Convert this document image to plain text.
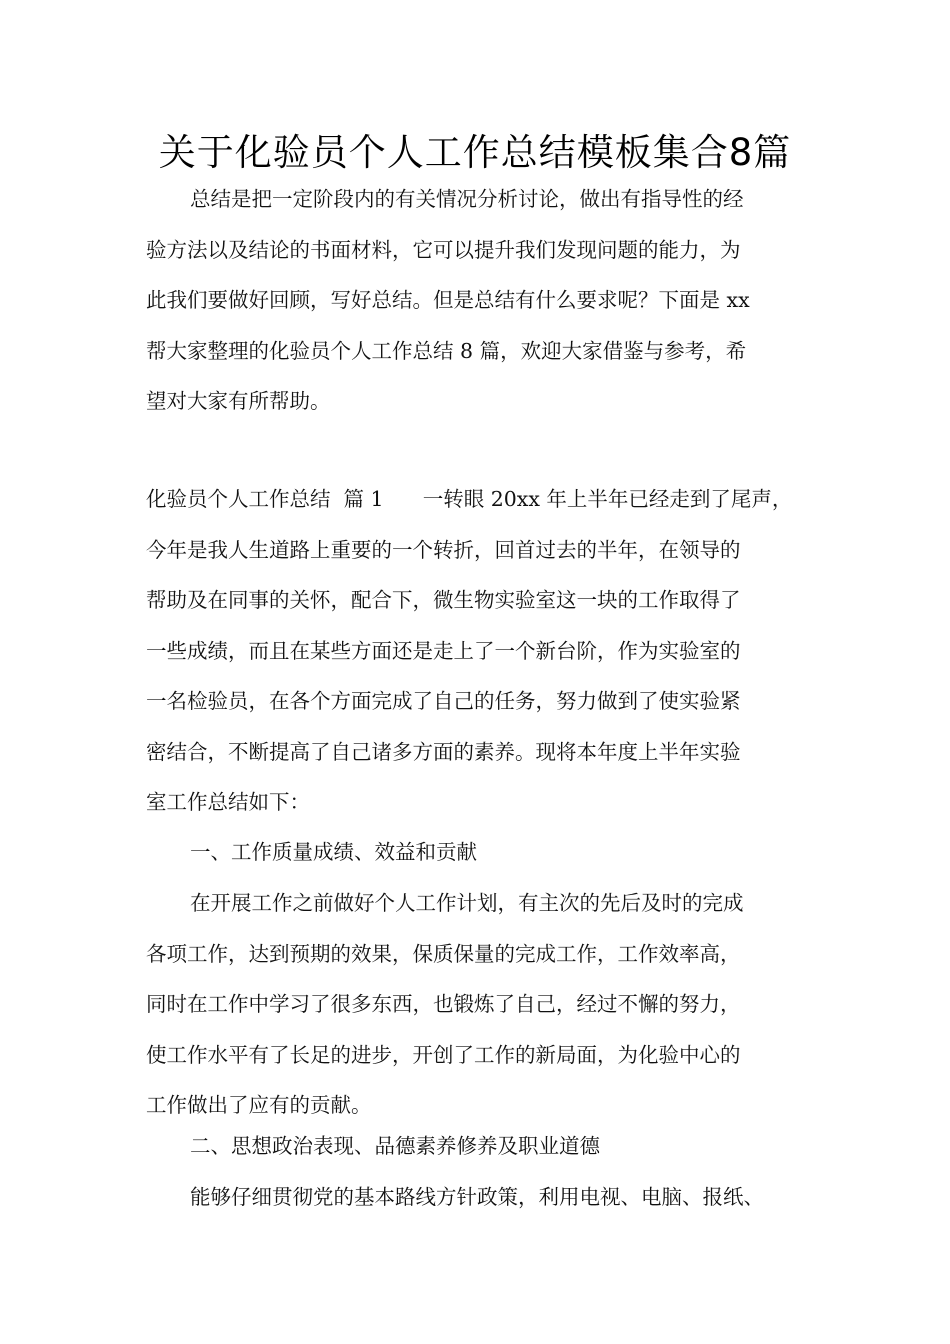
关于化验员个人工作总结模板集合8篇
总结是把一定阶段内的有关情况分析讨论，做出有指导性的经
验方法以及结论的书面材料，它可以提升我们发现问题的能力，为
此我们要做好回顾，写好总结。但是总结有什么要求呢？下面是 xx
帮大家整理的化验员个人工作总结 8 篇，欢迎大家借鉴与参考，希
望对大家有所帮助。
化验员个人工作总结  篇 1      一转眼 20xx 年上半年已经走到了尾声，
今年是我人生道路上重要的一个转折，回首过去的半年，在领导的
帮助及在同事的关怀，配合下，微生物实验室这一块的工作取得了
一些成绩，而且在某些方面还是走上了一个新台阶，作为实验室的
一名检验员，在各个方面完成了自己的任务，努力做到了使实验紧
密结合，不断提高了自己诸多方面的素养。现将本年度上半年实验
室工作总结如下：
一、工作质量成绩、效益和贡献
在开展工作之前做好个人工作计划，有主次的先后及时的完成
各项工作，达到预期的效果，保质保量的完成工作，工作效率高，
同时在工作中学习了很多东西，也锻炼了自己，经过不懈的努力，
使工作水平有了长足的进步，开创了工作的新局面，为化验中心的
工作做出了应有的贡献。
二、思想政治表现、品德素养修养及职业道德
能够仔细贯彻党的基本路线方针政策，利用电视、电脑、报纸、
